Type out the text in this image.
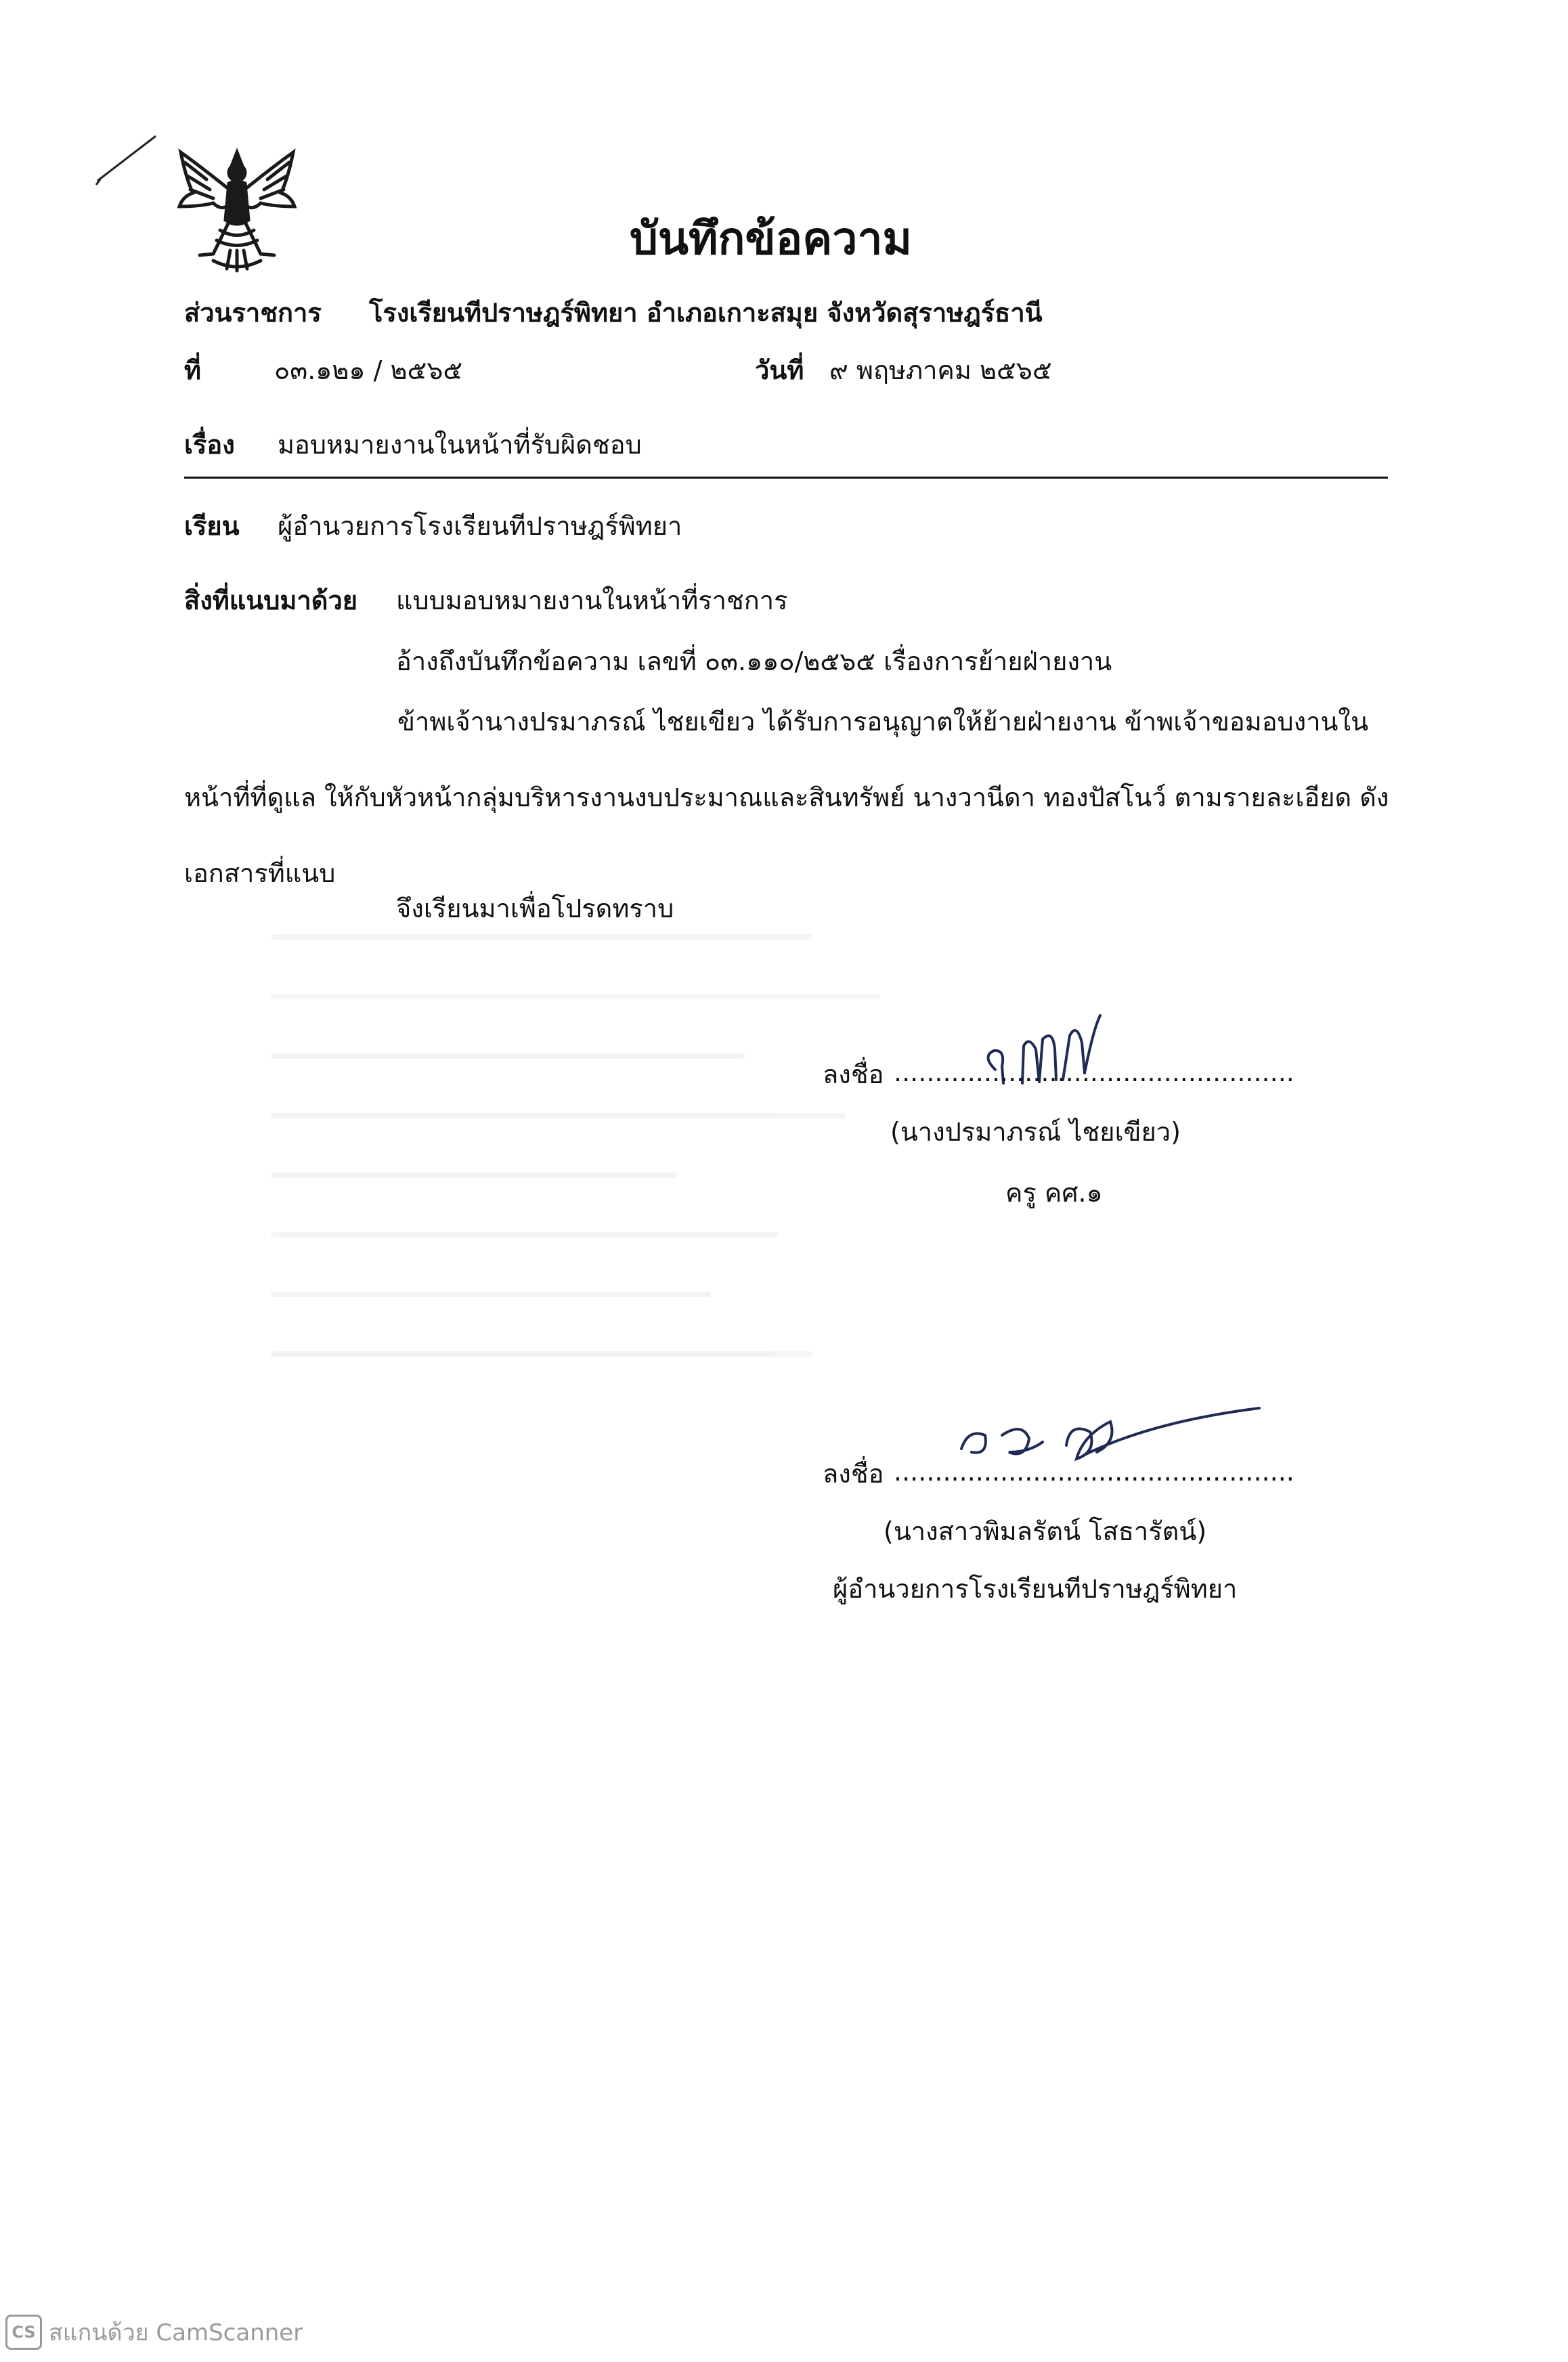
บันทึกข้อความ
ส่วนราชการ โรงเรียนทีปราษฎร์พิทยา อำเภอเกาะสมุย จังหวัดสุราษฎร์ธานี
ที่	๐๓.๑๒๑ / ๒๕๖๕	วันที่ ๙ พฤษภาคม ๒๕๖๕
เรื่อง มอบหมายงานในหน้าที่รับผิดชอบ
เรียน ผู้อำนวยการโรงเรียนทีปราษฎร์พิทยา
สิ่งที่แนบมาด้วย แบบมอบหมายงานในหน้าที่ราชการ
อ้างถึงบันทึกข้อความ เลขที่ ๐๓.๑๑๐/๒๕๖๕ เรื่องการย้ายฝ่ายงาน
ข้าพเจ้านางปรมาภรณ์ ไชยเขียว ได้รับการอนุญาตให้ย้ายฝ่ายงาน ข้าพเจ้าขอมอบงานในหน้าที่ที่ดูแล ให้กับหัวหน้ากลุ่มบริหารงานงบประมาณและสินทรัพย์ นางวานีดา ทองปัสโนว์ ตามรายละเอียด ดังเอกสารที่แนบ
จึงเรียนมาเพื่อโปรดทราบ
ลงชื่อ .................................................
(นางปรมาภรณ์ ไชยเขียว)
ครู คศ.๑
ลงชื่อ .................................................
(นางสาวพิมลรัตน์ โสธารัตน์)
ผู้อำนวยการโรงเรียนทีปราษฎร์พิทยา
CS สแกนด้วย CamScanner
